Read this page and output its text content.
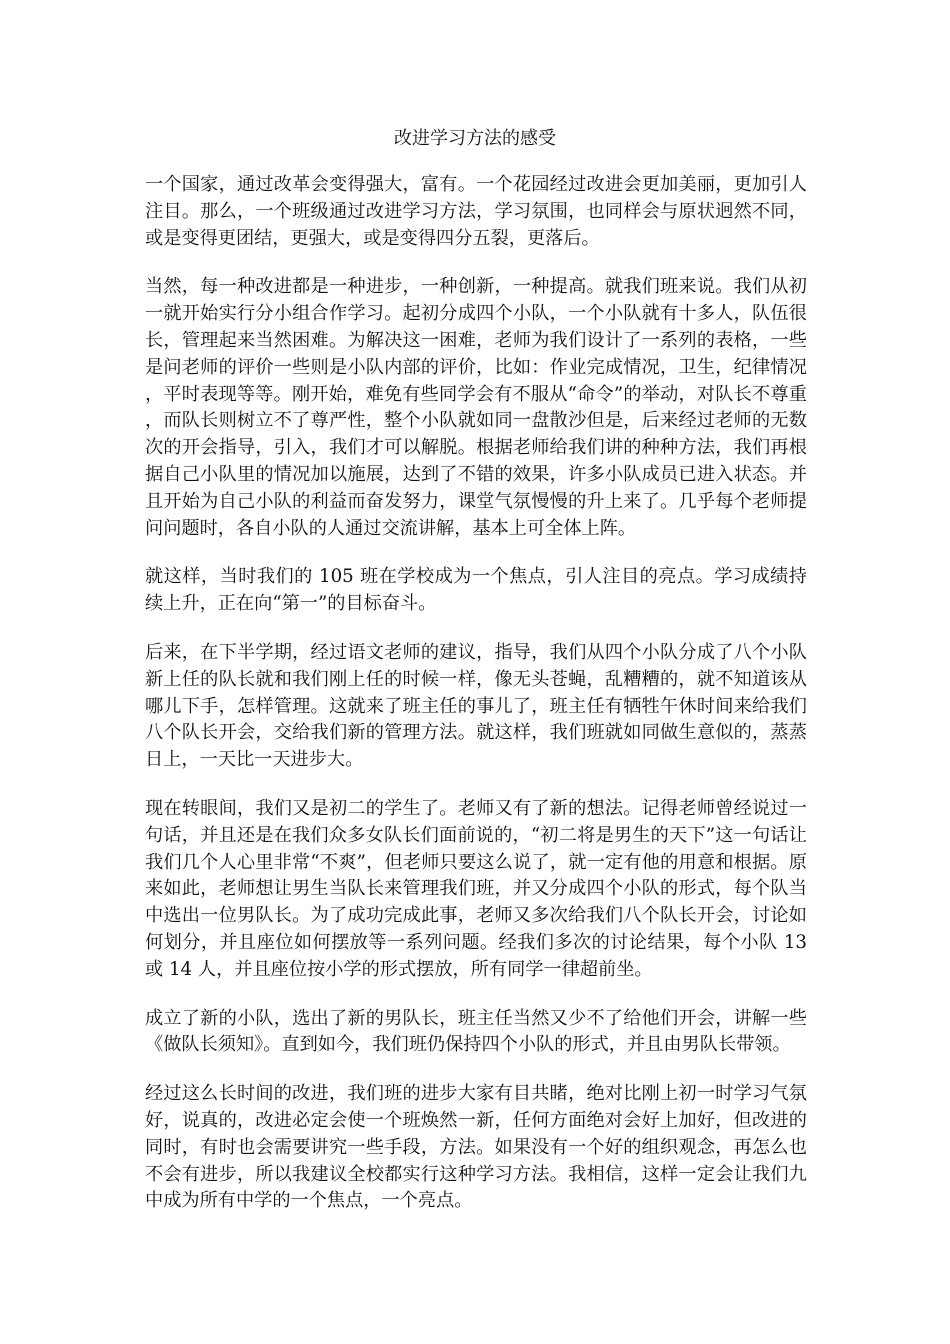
改进学习方法的感受

一个国家，通过改革会变得强大，富有。一个花园经过改进会更加美丽，更加引人注目。那么，一个班级通过改进学习方法，学习氛围，也同样会与原状迥然不同，或是变得更团结，更强大，或是变得四分五裂，更落后。

当然，每一种改进都是一种进步，一种创新，一种提高。就我们班来说。我们从初一就开始实行分小组合作学习。起初分成四个小队，一个小队就有十多人，队伍很长，管理起来当然困难。为解决这一困难，老师为我们设计了一系列的表格，一些是问老师的评价一些则是小队内部的评价，比如：作业完成情况，卫生，纪律情况，平时表现等等。刚开始，难免有些同学会有不服从“命令”的举动，对队长不尊重，而队长则树立不了尊严性，整个小队就如同一盘散沙但是，后来经过老师的无数次的开会指导，引入，我们才可以解脱。根据老师给我们讲的种种方法，我们再根据自己小队里的情况加以施展，达到了不错的效果，许多小队成员已进入状态。并且开始为自己小队的利益而奋发努力，课堂气氛慢慢的升上来了。几乎每个老师提问问题时，各自小队的人通过交流讲解，基本上可全体上阵。

就这样，当时我们的 105 班在学校成为一个焦点，引人注目的亮点。学习成绩持续上升，正在向“第一”的目标奋斗。

后来，在下半学期，经过语文老师的建议，指导，我们从四个小队分成了八个小队新上任的队长就和我们刚上任的时候一样，像无头苍蝇，乱糟糟的，就不知道该从哪儿下手，怎样管理。这就来了班主任的事儿了，班主任有牺牲午休时间来给我们八个队长开会，交给我们新的管理方法。就这样，我们班就如同做生意似的，蒸蒸日上，一天比一天进步大。

现在转眼间，我们又是初二的学生了。老师又有了新的想法。记得老师曾经说过一句话，并且还是在我们众多女队长们面前说的，“初二将是男生的天下”这一句话让我们几个人心里非常“不爽”，但老师只要这么说了，就一定有他的用意和根据。原来如此，老师想让男生当队长来管理我们班，并又分成四个小队的形式，每个队当中选出一位男队长。为了成功完成此事，老师又多次给我们八个队长开会，讨论如何划分，并且座位如何摆放等一系列问题。经我们多次的讨论结果，每个小队 13 或 14 人，并且座位按小学的形式摆放，所有同学一律超前坐。

成立了新的小队，选出了新的男队长，班主任当然又少不了给他们开会，讲解一些《做队长须知》。直到如今，我们班仍保持四个小队的形式，并且由男队长带领。

经过这么长时间的改进，我们班的进步大家有目共睹，绝对比刚上初一时学习气氛好，说真的，改进必定会使一个班焕然一新，任何方面绝对会好上加好，但改进的同时，有时也会需要讲究一些手段，方法。如果没有一个好的组织观念，再怎么也不会有进步，所以我建议全校都实行这种学习方法。我相信，这样一定会让我们九中成为所有中学的一个焦点，一个亮点。
